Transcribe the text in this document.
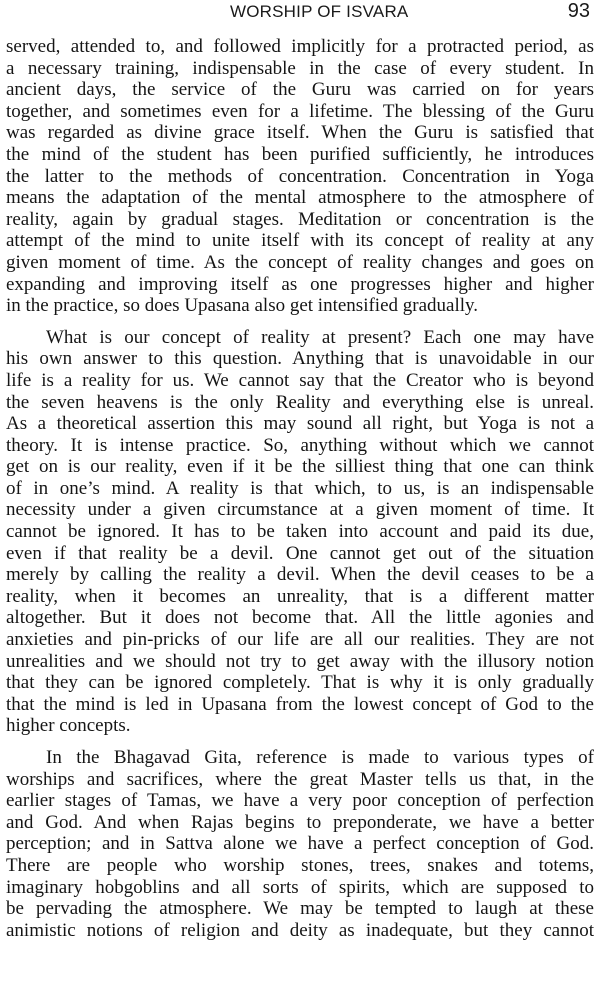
WORSHIP OF ISVARA	93

served, attended to, and followed implicitly for a protracted period, as
a necessary training, indispensable in the case of every student. In
ancient days, the service of the Guru was carried on for years
together, and sometimes even for a lifetime. The blessing of the Guru
was regarded as divine grace itself. When the Guru is satisfied that
the mind of the student has been purified sufficiently, he introduces
the latter to the methods of concentration. Concentration in Yoga
means the adaptation of the mental atmosphere to the atmosphere of
reality, again by gradual stages. Meditation or concentration is the
attempt of the mind to unite itself with its concept of reality at any
given moment of time. As the concept of reality changes and goes on
expanding and improving itself as one progresses higher and higher
in the practice, so does Upasana also get intensified gradually.

What is our concept of reality at present? Each one may have
his own answer to this question. Anything that is unavoidable in our
life is a reality for us. We cannot say that the Creator who is beyond
the seven heavens is the only Reality and everything else is unreal.
As a theoretical assertion this may sound all right, but Yoga is not a
theory. It is intense practice. So, anything without which we cannot
get on is our reality, even if it be the silliest thing that one can think
of in one’s mind. A reality is that which, to us, is an indispensable
necessity under a given circumstance at a given moment of time. It
cannot be ignored. It has to be taken into account and paid its due,
even if that reality be a devil. One cannot get out of the situation
merely by calling the reality a devil. When the devil ceases to be a
reality, when it becomes an unreality, that is a different matter
altogether. But it does not become that. All the little agonies and
anxieties and pin-pricks of our life are all our realities. They are not
unrealities and we should not try to get away with the illusory notion
that they can be ignored completely. That is why it is only gradually
that the mind is led in Upasana from the lowest concept of God to the
higher concepts.

In the Bhagavad Gita, reference is made to various types of
worships and sacrifices, where the great Master tells us that, in the
earlier stages of Tamas, we have a very poor conception of perfection
and God. And when Rajas begins to preponderate, we have a better
perception; and in Sattva alone we have a perfect conception of God.
There are people who worship stones, trees, snakes and totems,
imaginary hobgoblins and all sorts of spirits, which are supposed to
be pervading the atmosphere. We may be tempted to laugh at these
animistic notions of religion and deity as inadequate, but they cannot
